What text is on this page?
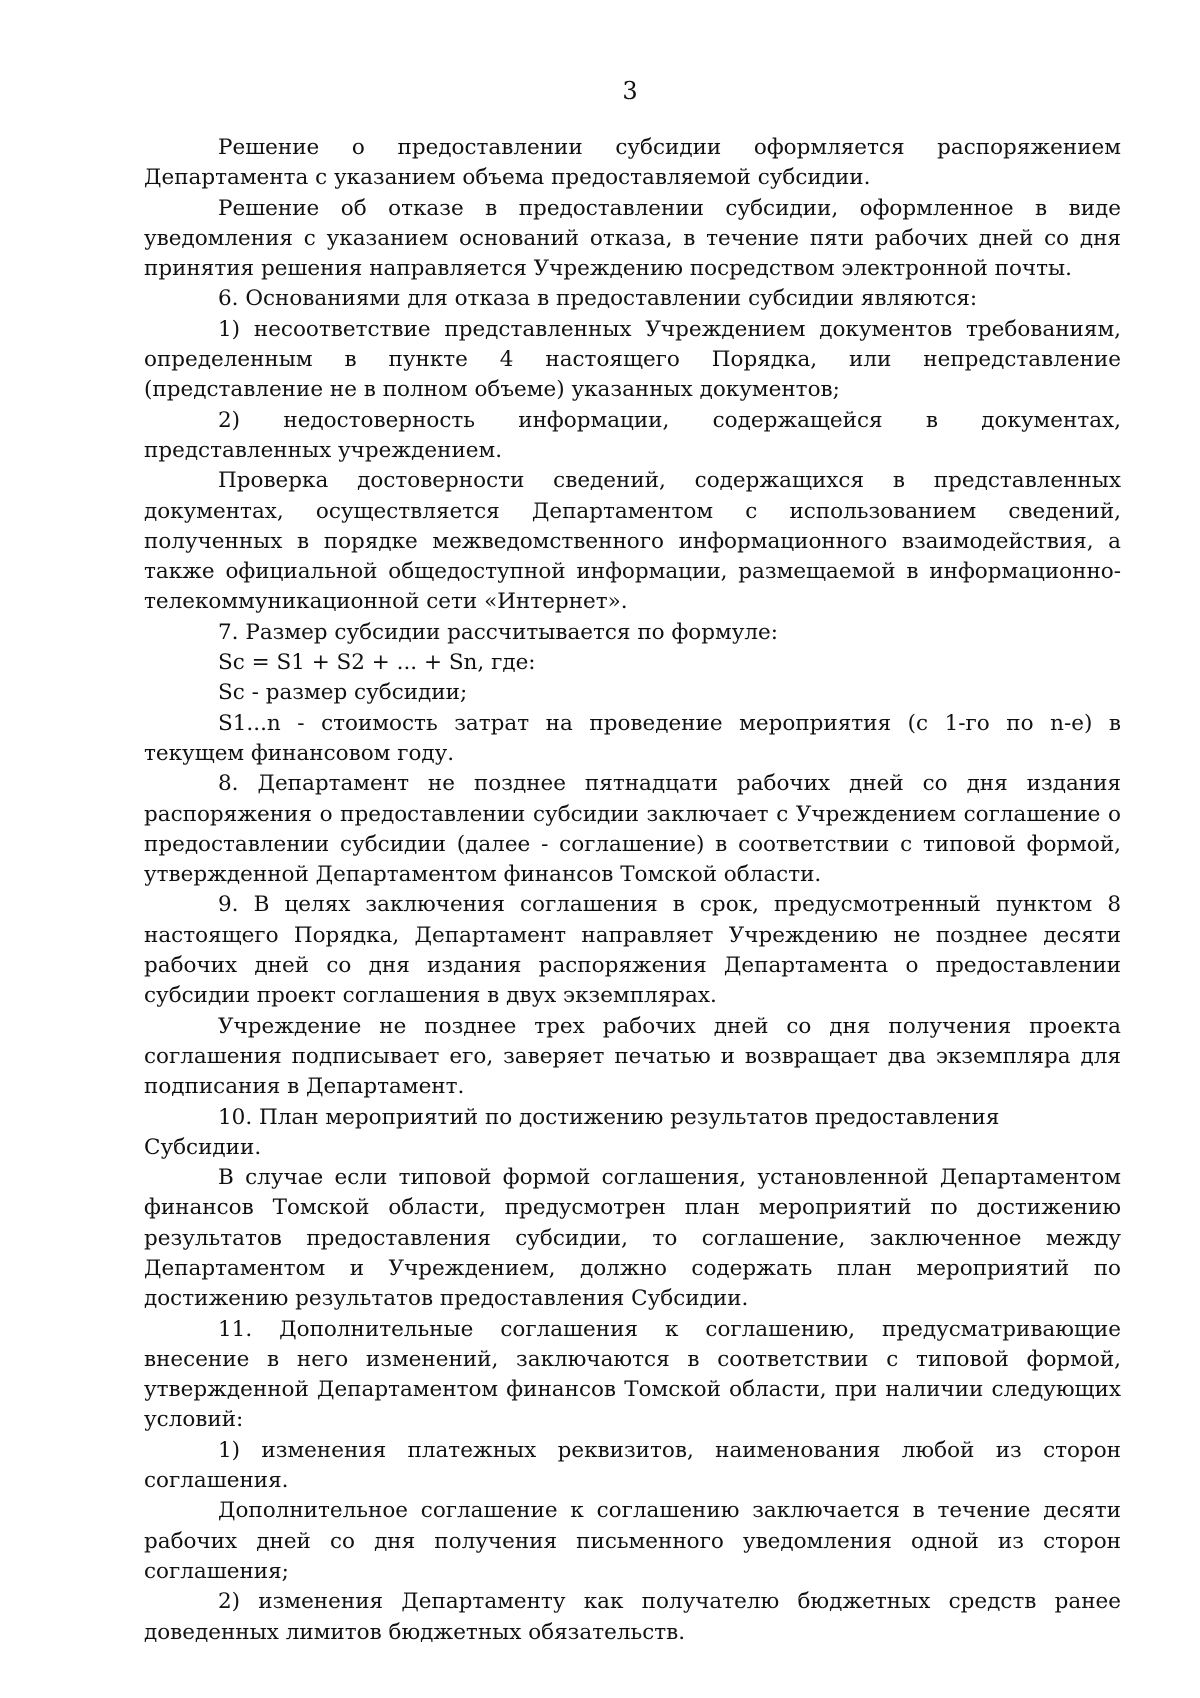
3

Решение о предоставлении субсидии оформляется распоряжением Департамента с указанием объема предоставляемой субсидии.

Решение об отказе в предоставлении субсидии, оформленное в виде уведомления с указанием оснований отказа, в течение пяти рабочих дней со дня принятия решения направляется Учреждению посредством электронной почты.

6. Основаниями для отказа в предоставлении субсидии являются:

1) несоответствие представленных Учреждением документов требованиям, определенным в пункте 4 настоящего Порядка, или непредставление (представление не в полном объеме) указанных документов;

2) недостоверность информации, содержащейся в документах, представленных учреждением.

Проверка достоверности сведений, содержащихся в представленных документах, осуществляется Департаментом с использованием сведений, полученных в порядке межведомственного информационного взаимодействия, а также официальной общедоступной информации, размещаемой в информационно-телекоммуникационной сети «Интернет».

7. Размер субсидии рассчитывается по формуле:

Sc = S1 + S2 + ... + Sn, где:

Sc - размер субсидии;

S1...n - стоимость затрат на проведение мероприятия (с 1-го по n-е) в текущем финансовом году.

8. Департамент не позднее пятнадцати рабочих дней со дня издания распоряжения о предоставлении субсидии заключает с Учреждением соглашение о предоставлении субсидии (далее - соглашение) в соответствии с типовой формой, утвержденной Департаментом финансов Томской области.

9. В целях заключения соглашения в срок, предусмотренный пунктом 8 настоящего Порядка, Департамент направляет Учреждению не позднее десяти рабочих дней со дня издания распоряжения Департамента о предоставлении субсидии проект соглашения в двух экземплярах.

Учреждение не позднее трех рабочих дней со дня получения проекта соглашения подписывает его, заверяет печатью и возвращает два экземпляра для подписания в Департамент.

10. План мероприятий по достижению результатов предоставления Субсидии.

В случае если типовой формой соглашения, установленной Департаментом финансов Томской области, предусмотрен план мероприятий по достижению результатов предоставления субсидии, то соглашение, заключенное между Департаментом и Учреждением, должно содержать план мероприятий по достижению результатов предоставления Субсидии.

11. Дополнительные соглашения к соглашению, предусматривающие внесение в него изменений, заключаются в соответствии с типовой формой, утвержденной Департаментом финансов Томской области, при наличии следующих условий:

1) изменения платежных реквизитов, наименования любой из сторон соглашения.

Дополнительное соглашение к соглашению заключается в течение десяти рабочих дней со дня получения письменного уведомления одной из сторон соглашения;

2) изменения Департаменту как получателю бюджетных средств ранее доведенных лимитов бюджетных обязательств.
